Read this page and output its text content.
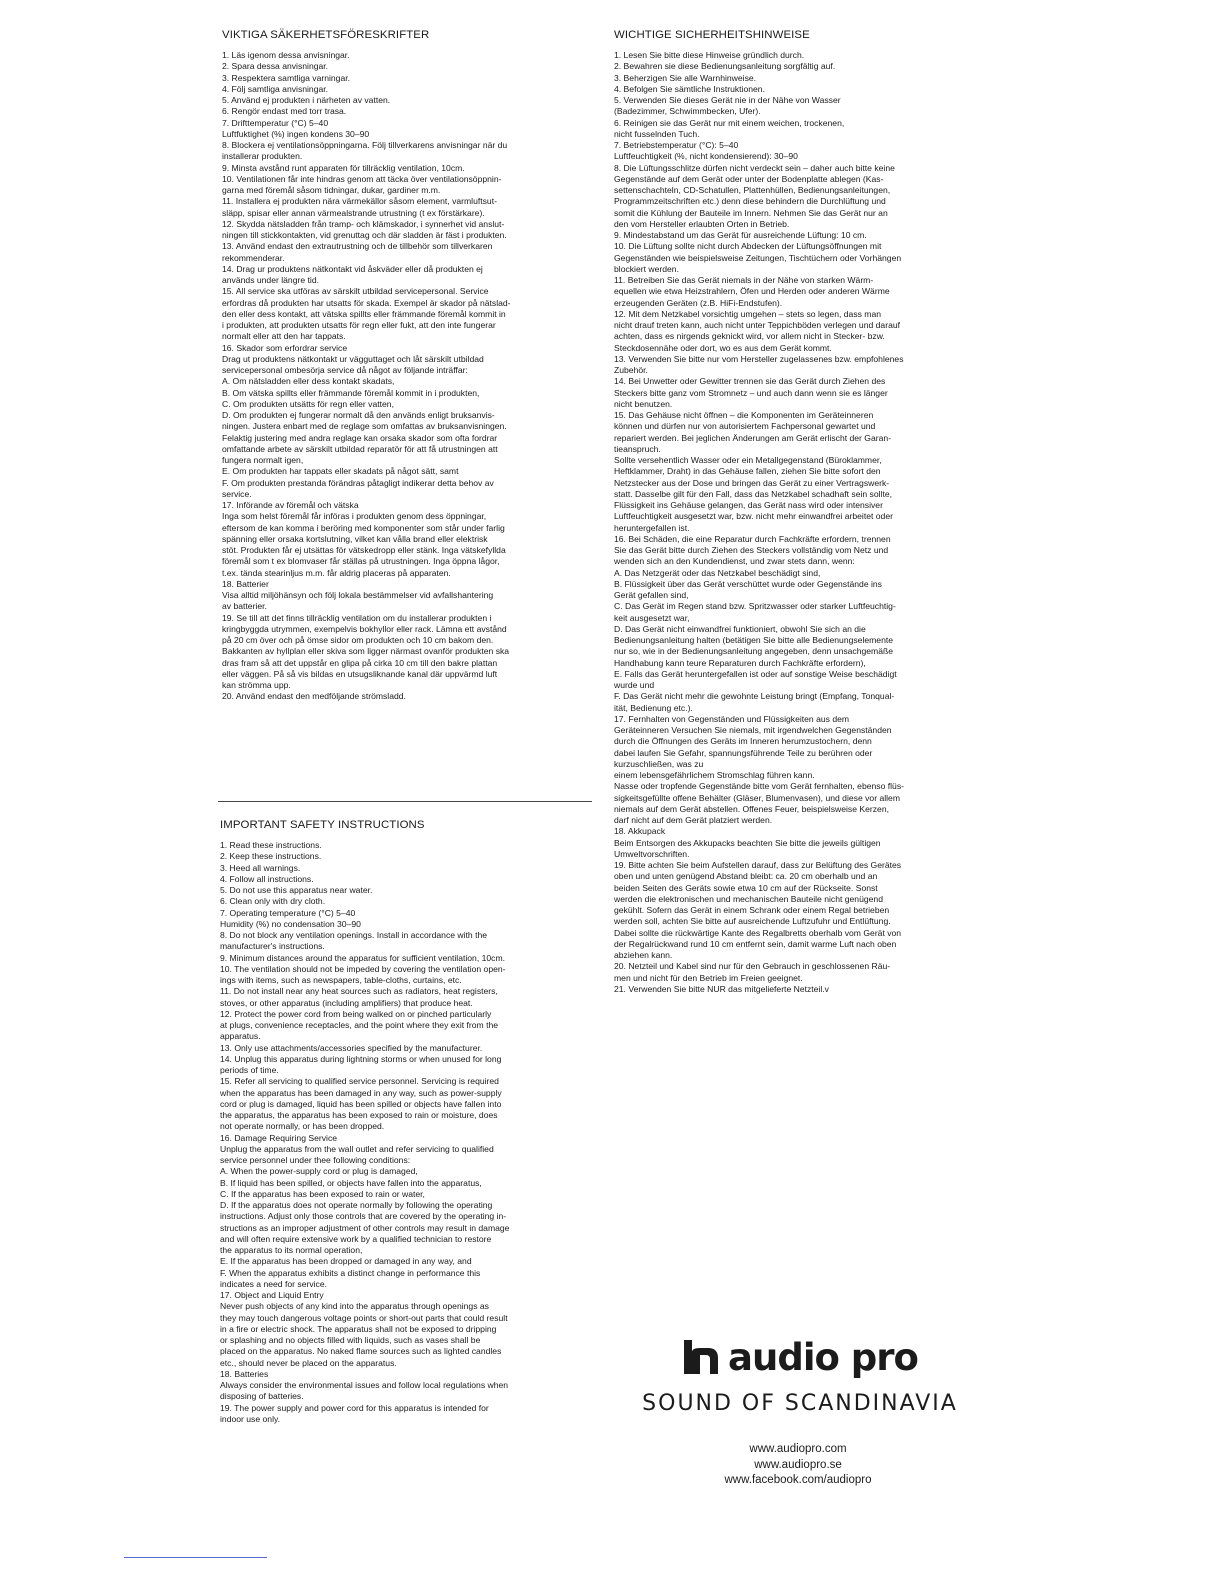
VIKTIGA SÄKERHETSFÖRESKRIFTER
1. Läs igenom dessa anvisningar.
2. Spara dessa anvisningar.
3. Respektera samtliga varningar.
4. Följ samtliga anvisningar.
5. Använd ej produkten i närheten av vatten.
6. Rengör endast med torr trasa.
7. Drifttemperatur (°C) 5–40
Luftfuktighet (%) ingen kondens 30–90
8. Blockera ej ventilationsöppningarna. Följ tillverkarens anvisningar när du
installerar produkten.
9. Minsta avstånd runt apparaten för tillräcklig ventilation, 10cm.
10. Ventilationen får inte hindras genom att täcka över ventilationsöppnin-
garna med föremål såsom tidningar, dukar, gardiner m.m.
11. Installera ej produkten nära värmekällor såsom element, varmluftsut-
släpp, spisar eller annan värmealstrande utrustning (t ex förstärkare).
12. Skydda nätsladden från tramp- och klämskador, i synnerhet vid anslut-
ningen till stickkontakten, vid grenuttag och där sladden är fäst i produkten.
13. Använd endast den extrautrustning och de tillbehör som tillverkaren
rekommenderar.
14. Drag ur produktens nätkontakt vid åskväder eller då produkten ej
används under längre tid.
15. All service ska utföras av särskilt utbildad servicepersonal. Service
erfordras då produkten har utsatts för skada. Exempel är skador på nätslad-
den eller dess kontakt, att vätska spillts eller främmande föremål kommit in
i produkten, att produkten utsatts för regn eller fukt, att den inte fungerar
normalt eller att den har tappats.
16. Skador som erfordrar service
Drag ut produktens nätkontakt ur vägguttaget och låt särskilt utbildad
servicepersonal ombesörja service då något av följande inträffar:
A. Om nätsladden eller dess kontakt skadats,
B. Om vätska spillts eller främmande föremål kommit in i produkten,
C. Om produkten utsätts för regn eller vatten,
D. Om produkten ej fungerar normalt då den används enligt bruksanvis-
ningen. Justera enbart med de reglage som omfattas av bruksanvisningen.
Felaktig justering med andra reglage kan orsaka skador som ofta fordrar
omfattande arbete av särskilt utbildad reparatör för att få utrustningen att
fungera normalt igen,
E. Om produkten har tappats eller skadats på något sätt, samt
F. Om produkten prestanda förändras påtagligt indikerar detta behov av
service.
17. Införande av föremål och vätska
Inga som helst föremål får införas i produkten genom dess öppningar,
eftersom de kan komma i beröring med komponenter som står under farlig
spänning eller orsaka kortslutning, vilket kan vålla brand eller elektrisk
stöt. Produkten får ej utsättas för vätskedropp eller stänk. Inga vätskefyllda
föremål som t ex blomvaser får ställas på utrustningen. Inga öppna lågor,
t.ex. tända stearinljus m.m. får aldrig placeras på apparaten.
18. Batterier
Visa alltid miljöhänsyn och följ lokala bestämmelser vid avfallshantering
av batterier.
19. Se till att det finns tillräcklig ventilation om du installerar produkten i
kringbyggda utrymmen, exempelvis bokhyllor eller rack. Lämna ett avstånd
på 20 cm över och på ömse sidor om produkten och 10 cm bakom den.
Bakkanten av hyllplan eller skiva som ligger närmast ovanför produkten ska
dras fram så att det uppstår en glipa på cirka 10 cm till den bakre plattan
eller väggen. På så vis bildas en utsugsliknande kanal där uppvärmd luft
kan strömma upp.
20. Använd endast den medföljande strömsladd.
IMPORTANT SAFETY INSTRUCTIONS
1. Read these instructions.
2. Keep these instructions.
3. Heed all warnings.
4. Follow all instructions.
5. Do not use this apparatus near water.
6. Clean only with dry cloth.
7. Operating temperature (°C) 5–40
Humidity (%) no condensation 30–90
8. Do not block any ventilation openings. Install in accordance with the
manufacturer's instructions.
9. Minimum distances around the apparatus for sufficient ventilation, 10cm.
10. The ventilation should not be impeded by covering the ventilation open-
ings with items, such as newspapers, table-cloths, curtains, etc.
11. Do not install near any heat sources such as radiators, heat registers,
stoves, or other apparatus (including amplifiers) that produce heat.
12. Protect the power cord from being walked on or pinched particularly
at plugs, convenience receptacles, and the point where they exit from the
apparatus.
13. Only use attachments/accessories specified by the manufacturer.
14. Unplug this apparatus during lightning storms or when unused for long
periods of time.
15. Refer all servicing to qualified service personnel. Servicing is required
when the apparatus has been damaged in any way, such as power-supply
cord or plug is damaged, liquid has been spilled or objects have fallen into
the apparatus, the apparatus has been exposed to rain or moisture, does
not operate normally, or has been dropped.
16. Damage Requiring Service
Unplug the apparatus from the wall outlet and refer servicing to qualified
service personnel under thee following conditions:
A. When the power-supply cord or plug is damaged,
B. If liquid has been spilled, or objects have fallen into the apparatus,
C. If the apparatus has been exposed to rain or water,
D. If the apparatus does not operate normally by following the operating
instructions. Adjust only those controls that are covered by the operating in-
structions as an improper adjustment of other controls may result in damage
and will often require extensive work by a qualified technician to restore
the apparatus to its normal operation,
E. If the apparatus has been dropped or damaged in any way, and
F. When the apparatus exhibits a distinct change in performance this
indicates a need for service.
17. Object and Liquid Entry
Never push objects of any kind into the apparatus through openings as
they may touch dangerous voltage points or short-out parts that could result
in a fire or electric shock. The apparatus shall not be exposed to dripping
or splashing and no objects filled with liquids, such as vases shall be
placed on the apparatus. No naked flame sources such as lighted candles
etc., should never be placed on the apparatus.
18. Batteries
Always consider the environmental issues and follow local regulations when
disposing of batteries.
19. The power supply and power cord for this apparatus is intended for
indoor use only.
WICHTIGE SICHERHEITSHINWEISE
1. Lesen Sie bitte diese Hinweise gründlich durch.
2. Bewahren sie diese Bedienungsanleitung sorgfältig auf.
3. Beherzigen Sie alle Warnhinweise.
4. Befolgen Sie sämtliche Instruktionen.
5. Verwenden Sie dieses Gerät nie in der Nähe von Wasser
(Badezimmer, Schwimmbecken, Ufer).
6. Reinigen sie das Gerät nur mit einem weichen, trockenen,
nicht fusselnden Tuch.
7. Betriebstemperatur (°C): 5–40
Luftfeuchtigkeit (%, nicht kondensierend): 30–90
8. Die Lüftungsschlitze dürfen nicht verdeckt sein – daher auch bitte keine
Gegenstände auf dem Gerät oder unter der Bodenplatte ablegen (Kas-
settenschachteln, CD-Schatullen, Plattenhüllen, Bedienungsanleitungen,
Programmzeitschriften etc.) denn diese behindern die Durchlüftung und
somit die Kühlung der Bauteile im Innern. Nehmen Sie das Gerät nur an
den vom Hersteller erlaubten Orten in Betrieb.
9. Mindestabstand um das Gerät für ausreichende Lüftung: 10 cm.
10. Die Lüftung sollte nicht durch Abdecken der Lüftungsöffnungen mit
Gegenständen wie beispielsweise Zeitungen, Tischtüchern oder Vorhängen
blockiert werden.
11. Betreiben Sie das Gerät niemals in der Nähe von starken Wärm-
equellen wie etwa Heizstrahlern, Öfen und Herden oder anderen Wärme
erzeugenden Geräten (z.B. HiFi-Endstufen).
12. Mit dem Netzkabel vorsichtig umgehen – stets so legen, dass man
nicht drauf treten kann, auch nicht unter Teppichböden verlegen und darauf
achten, dass es nirgends geknickt wird, vor allem nicht in Stecker- bzw.
Steckdosennähe oder dort, wo es aus dem Gerät kommt.
13. Verwenden Sie bitte nur vom Hersteller zugelassenes bzw. empfohlenes
Zubehör.
14. Bei Unwetter oder Gewitter trennen sie das Gerät durch Ziehen des
Steckers bitte ganz vom Stromnetz – und auch dann wenn sie es länger
nicht benutzen.
15. Das Gehäuse nicht öffnen – die Komponenten im Geräteinneren
können und dürfen nur von autorisiertem Fachpersonal gewartet und
repariert werden. Bei jeglichen Änderungen am Gerät erlischt der Garan-
tieanspruch.
Sollte versehentlich Wasser oder ein Metallgegenstand (Büroklammer,
Heftklammer, Draht) in das Gehäuse fallen, ziehen Sie bitte sofort den
Netzstecker aus der Dose und bringen das Gerät zu einer Vertragswerk-
statt. Dasselbe gilt für den Fall, dass das Netzkabel schadhaft sein sollte,
Flüssigkeit ins Gehäuse gelangen, das Gerät nass wird oder intensiver
Luftfeuchtigkeit ausgesetzt war, bzw. nicht mehr einwandfrei arbeitet oder
heruntergefallen ist.
16. Bei Schäden, die eine Reparatur durch Fachkräfte erfordern, trennen
Sie das Gerät bitte durch Ziehen des Steckers vollständig vom Netz und
wenden sich an den Kundendienst, und zwar stets dann, wenn:
A. Das Netzgerät oder das Netzkabel beschädigt sind,
B. Flüssigkeit über das Gerät verschüttet wurde oder Gegenstände ins
Gerät gefallen sind,
C. Das Gerät im Regen stand bzw. Spritzwasser oder starker Luftfeuchtig-
keit ausgesetzt war,
D. Das Gerät nicht einwandfrei funktioniert, obwohl Sie sich an die
Bedienungsanleitung halten (betätigen Sie bitte alle Bedienungselemente
nur so, wie in der Bedienungsanleitung angegeben, denn unsachgemäße
Handhabung kann teure Reparaturen durch Fachkräfte erfordern),
E. Falls das Gerät heruntergefallen ist oder auf sonstige Weise beschädigt
wurde und
F. Das Gerät nicht mehr die gewohnte Leistung bringt (Empfang, Tonqual-
ität, Bedienung etc.).
17. Fernhalten von Gegenständen und Flüssigkeiten aus dem
Geräteinneren Versuchen Sie niemals, mit irgendwelchen Gegenständen
durch die Öffnungen des Geräts im Inneren herumzustochern, denn
dabei laufen Sie Gefahr, spannungsführende Teile zu berühren oder
kurzuschließen, was zu
einem lebensgefährlichem Stromschlag führen kann.
Nasse oder tropfende Gegenstände bitte vom Gerät fernhalten, ebenso flüs-
sigkeitsgefüllte offene Behälter (Gläser, Blumenvasen), und diese vor allem
niemals auf dem Gerät abstellen. Offenes Feuer, beispielsweise Kerzen,
darf nicht auf dem Gerät platziert werden.
18. Akkupack
Beim Entsorgen des Akkupacks beachten Sie bitte die jeweils gültigen
Umweltvorschriften.
19. Bitte achten Sie beim Aufstellen darauf, dass zur Belüftung des Gerätes
oben und unten genügend Abstand bleibt: ca. 20 cm oberhalb und an
beiden Seiten des Geräts sowie etwa 10 cm auf der Rückseite. Sonst
werden die elektronischen und mechanischen Bauteile nicht genügend
gekühlt. Sofern das Gerät in einem Schrank oder einem Regal betrieben
werden soll, achten Sie bitte auf ausreichende Luftzufuhr und Entlüftung.
Dabei sollte die rückwärtige Kante des Regalbretts oberhalb vom Gerät von
der Regalrückwand rund 10 cm entfernt sein, damit warme Luft nach oben
abziehen kann.
20. Netzteil und Kabel sind nur für den Gebrauch in geschlossenen Räu-
men und nicht für den Betrieb im Freien geeignet.
21. Verwenden Sie bitte NUR das mitgelieferte Netzteil.v
audio pro
SOUND OF SCANDINAVIA
www.audiopro.com
www.audiopro.se
www.facebook.com/audiopro
